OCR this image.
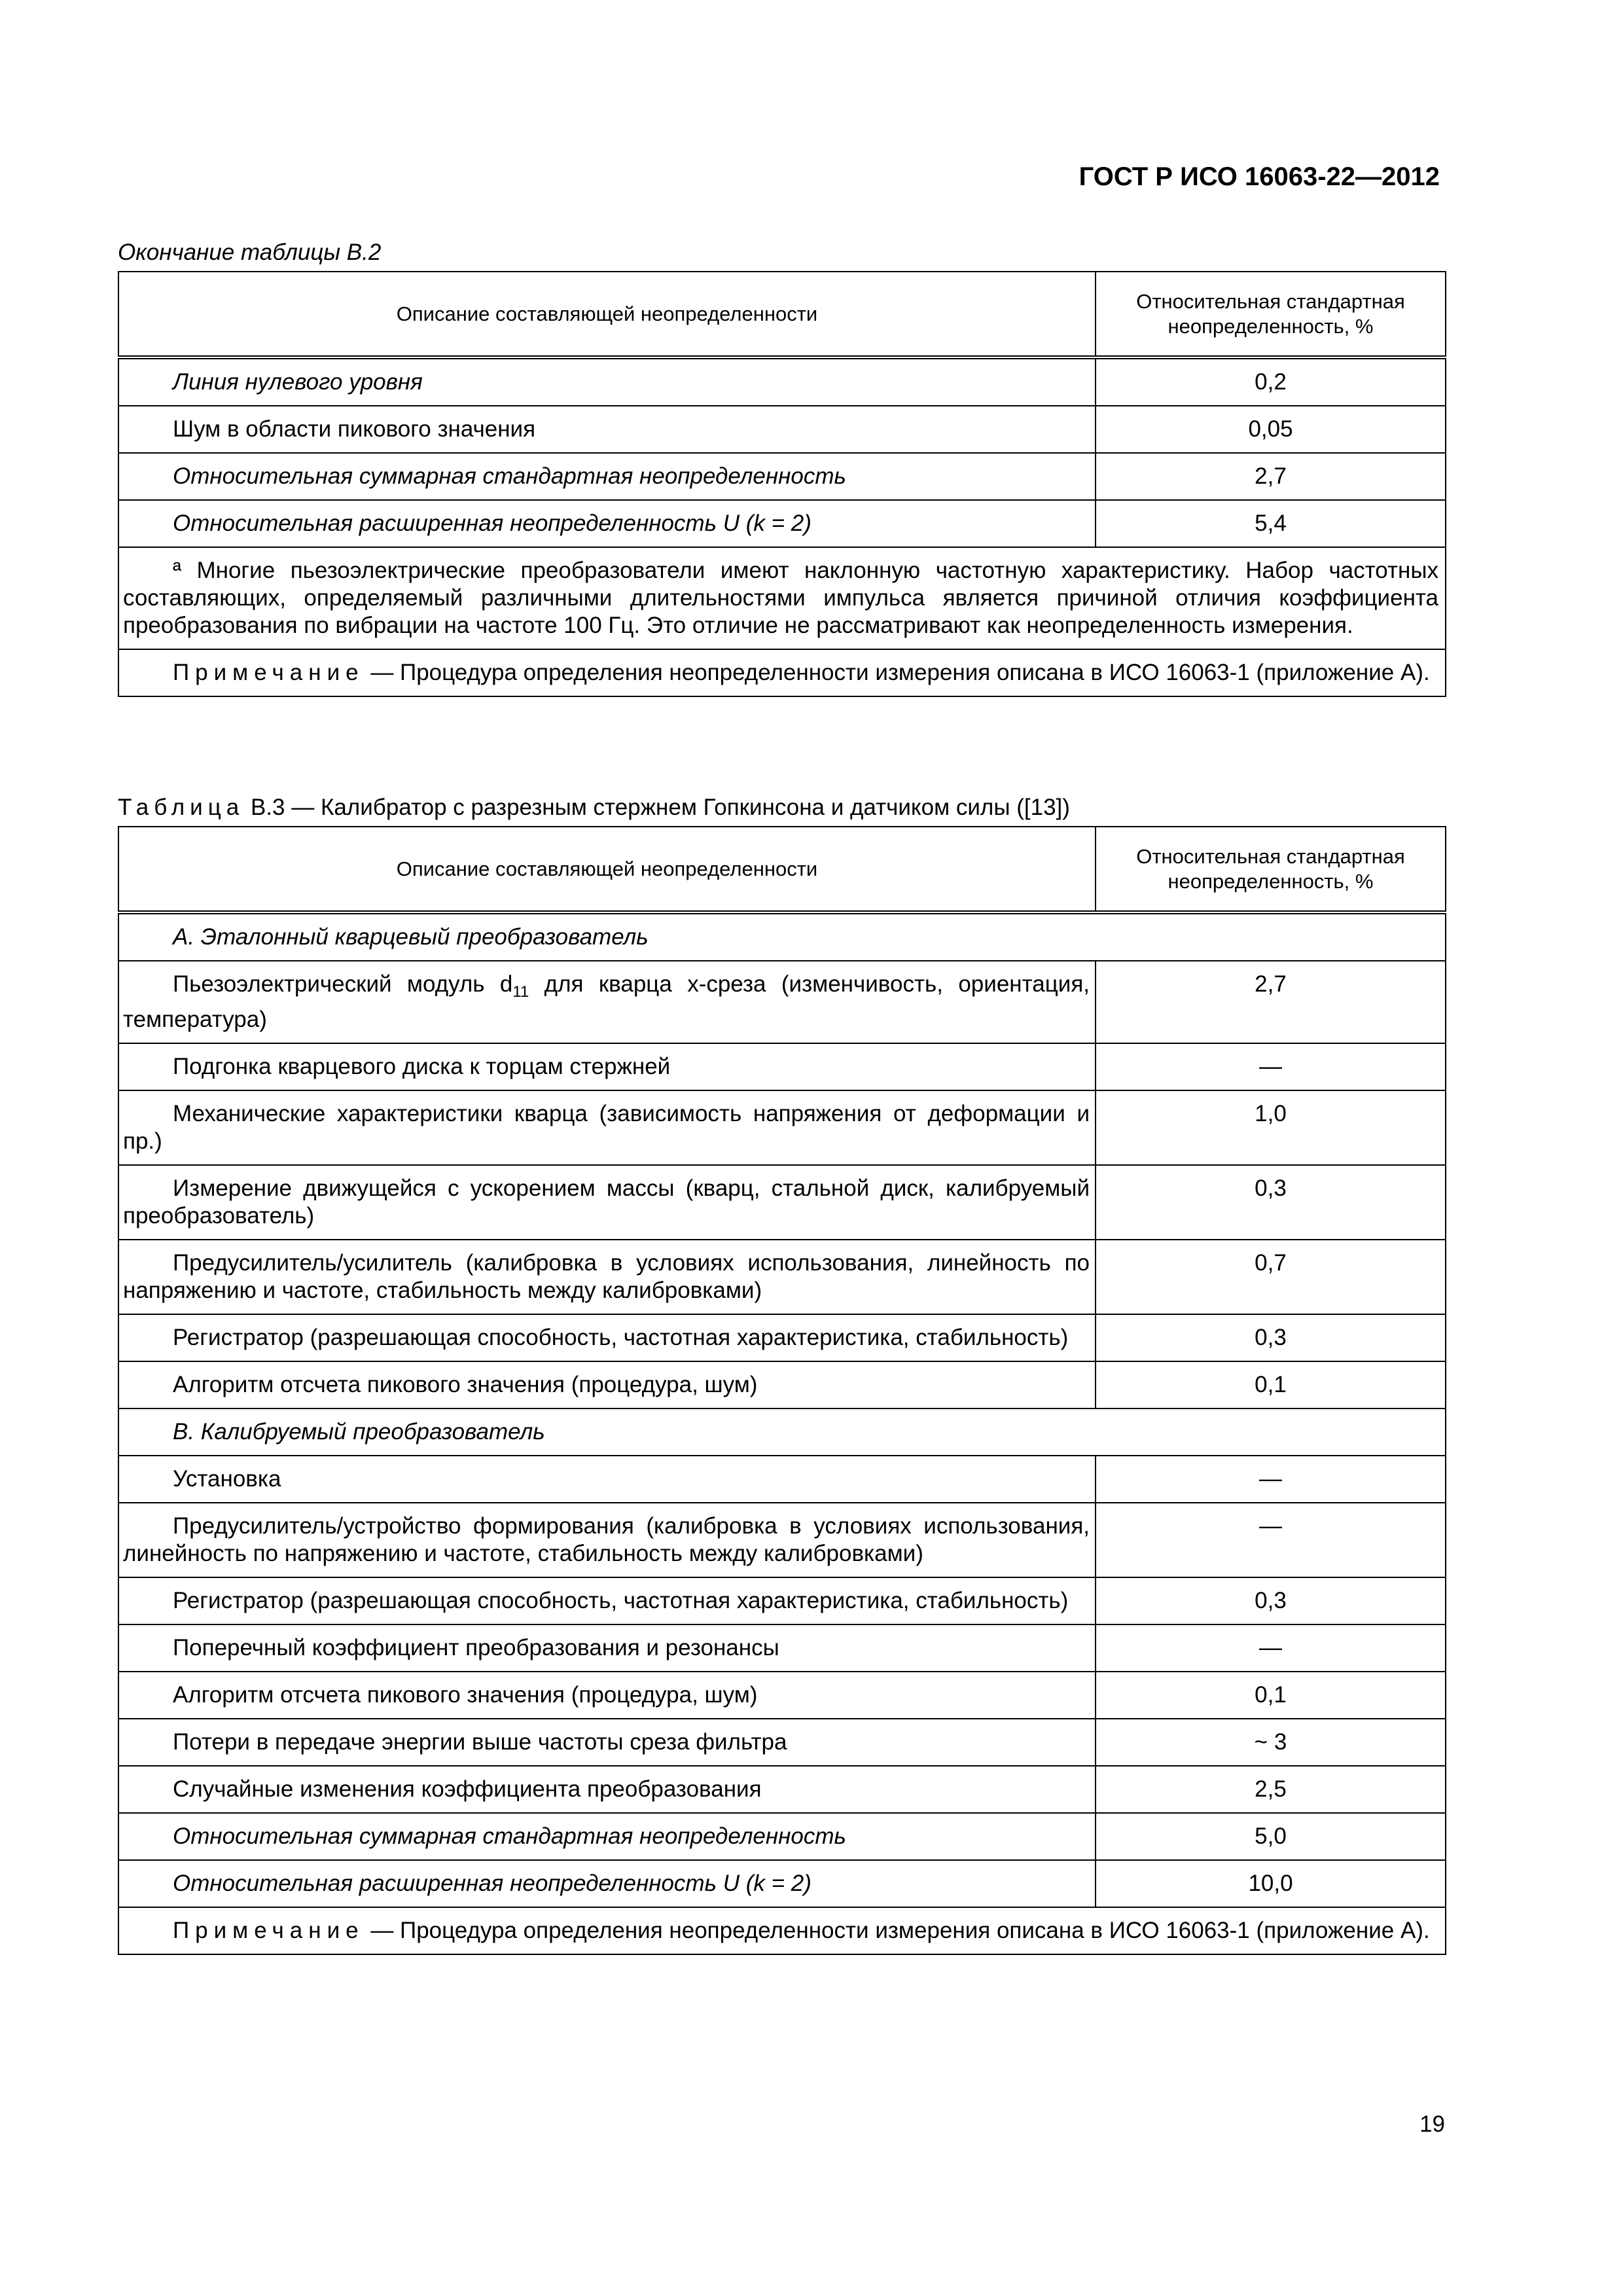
ГОСТ Р ИСО 16063-22—2012
Окончание таблицы В.2
Описание составляющей неопределенности	Относительная стандартная неопределенность, %

Линия нулевого уровня	0,2

Шум в области пикового значения	0,05

Относительная суммарная стандартная неопределенность	2,7

Относительная расширенная неопределенность U (k = 2)	5,4

ª Многие пьезоэлектрические преобразователи имеют наклонную частотную характеристику. Набор частотных составляющих, определяемый различными длительностями импульса является причиной отличия коэффициента преобразования по вибрации на частоте 100 Гц. Это отличие не рассматривают как неопределенность измерения.	

Примечание — Процедура определения неопределенности измерения описана в ИСО 16063-1 (приложение А).	
Таблица В.3 — Калибратор с разрезным стержнем Гопкинсона и датчиком силы ([13])
Описание составляющей неопределенности	Относительная стандартная неопределенность, %

А. Эталонный кварцевый преобразователь	

Пьезоэлектрический модуль $d_{11}$ для кварца x-среза (изменчивость, ориентация, температура)	2,7

Подгонка кварцевого диска к торцам стержней	—

Механические характеристики кварца (зависимость напряжения от деформации и пр.)	1,0

Измерение движущейся с ускорением массы (кварц, стальной диск, калибруемый преобразователь)	0,3

Предусилитель/усилитель (калибровка в условиях использования, линейность по напряжению и частоте, стабильность между калибровками)	0,7

Регистратор (разрешающая способность, частотная характеристика, стабильность)	0,3

Алгоритм отсчета пикового значения (процедура, шум)	0,1

В. Калибруемый преобразователь	

Установка	—

Предусилитель/устройство формирования (калибровка в условиях использования, линейность по напряжению и частоте, стабильность между калибровками)	—

Регистратор (разрешающая способность, частотная характеристика, стабильность)	0,3

Поперечный коэффициент преобразования и резонансы	—

Алгоритм отсчета пикового значения (процедура, шум)	0,1

Потери в передаче энергии выше частоты среза фильтра	~ 3

Случайные изменения коэффициента преобразования	2,5

Относительная суммарная стандартная неопределенность	5,0

Относительная расширенная неопределенность U (k = 2)	10,0

Примечание — Процедура определения неопределенности измерения описана в ИСО 16063-1 (приложение А).	
19
